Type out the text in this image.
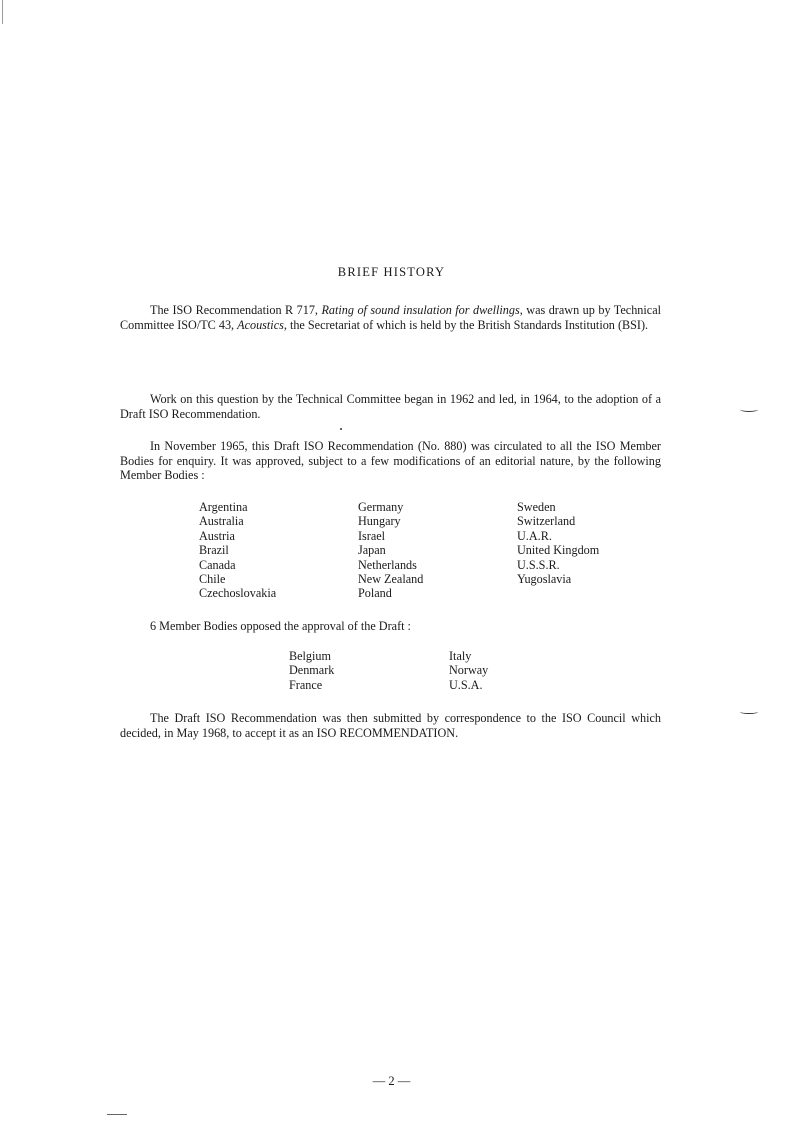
BRIEF HISTORY

The ISO Recommendation R 717, Rating of sound insulation for dwellings, was drawn up by Technical Committee ISO/TC 43, Acoustics, the Secretariat of which is held by the British Standards Institution (BSI).

Work on this question by the Technical Committee began in 1962 and led, in 1964, to the adoption of a Draft ISO Recommendation.

In November 1965, this Draft ISO Recommendation (No. 880) was circulated to all the ISO Member Bodies for enquiry. It was approved, subject to a few modifications of an editorial nature, by the following Member Bodies :

Argentina
Australia
Austria
Brazil
Canada
Chile
Czechoslovakia
Germany
Hungary
Israel
Japan
Netherlands
New Zealand
Poland
Sweden
Switzerland
U.A.R.
United Kingdom
U.S.S.R.
Yugoslavia

6 Member Bodies opposed the approval of the Draft :

Belgium
Denmark
France
Italy
Norway
U.S.A.

The Draft ISO Recommendation was then submitted by correspondence to the ISO Council which decided, in May 1968, to accept it as an ISO RECOMMENDATION.

— 2 —
